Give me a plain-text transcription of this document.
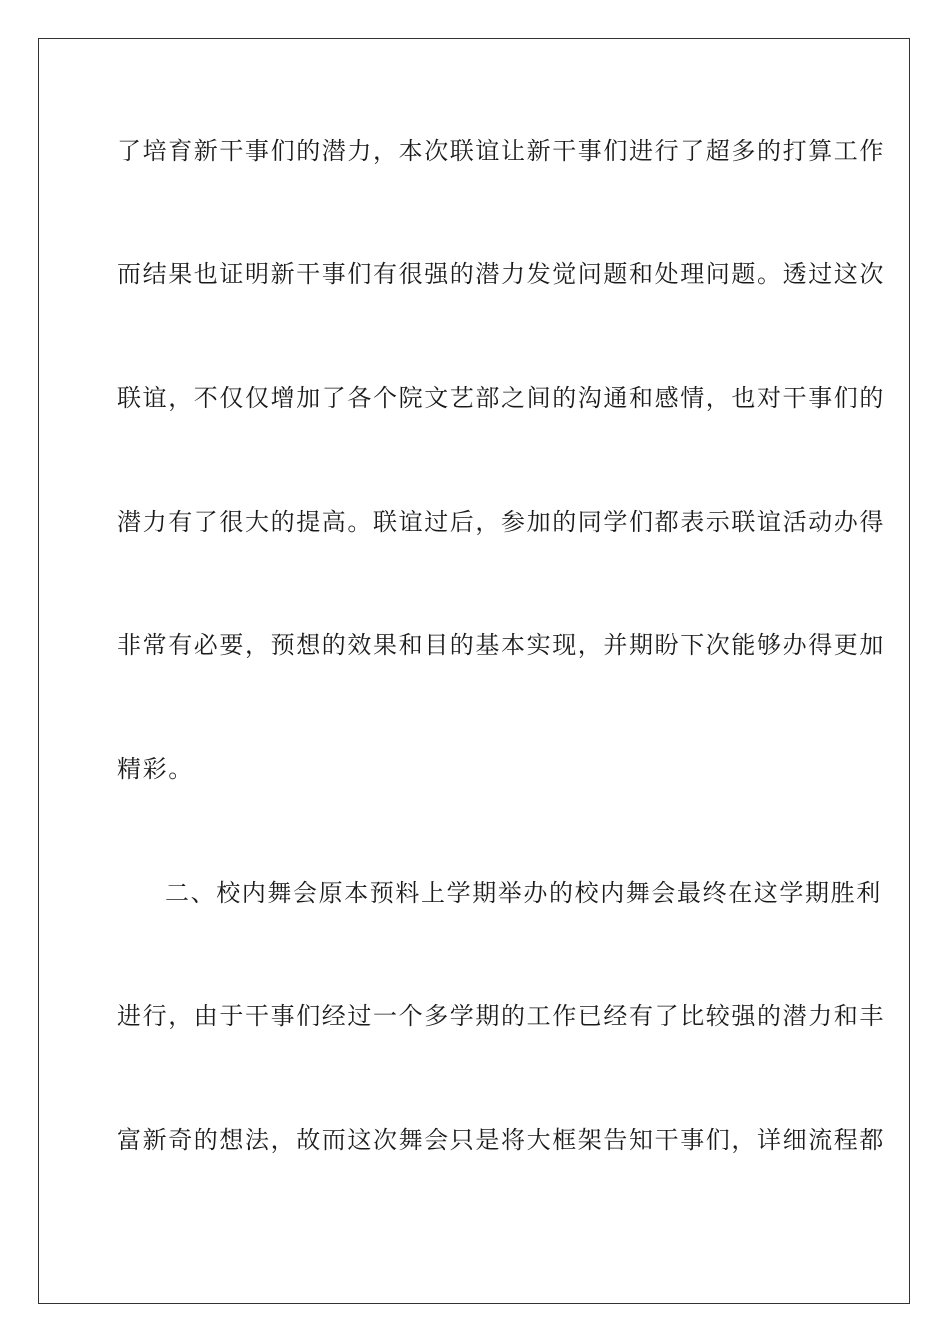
了培育新干事们的潜力，本次联谊让新干事们进行了超多的打算工作
而结果也证明新干事们有很强的潜力发觉问题和处理问题。透过这次
联谊，不仅仅增加了各个院文艺部之间的沟通和感情，也对干事们的
潜力有了很大的提高。联谊过后，参加的同学们都表示联谊活动办得
非常有必要，预想的效果和目的基本实现，并期盼下次能够办得更加
精彩。
二、校内舞会原本预料上学期举办的校内舞会最终在这学期胜利
进行，由于干事们经过一个多学期的工作已经有了比较强的潜力和丰
富新奇的想法，故而这次舞会只是将大框架告知干事们，详细流程都
